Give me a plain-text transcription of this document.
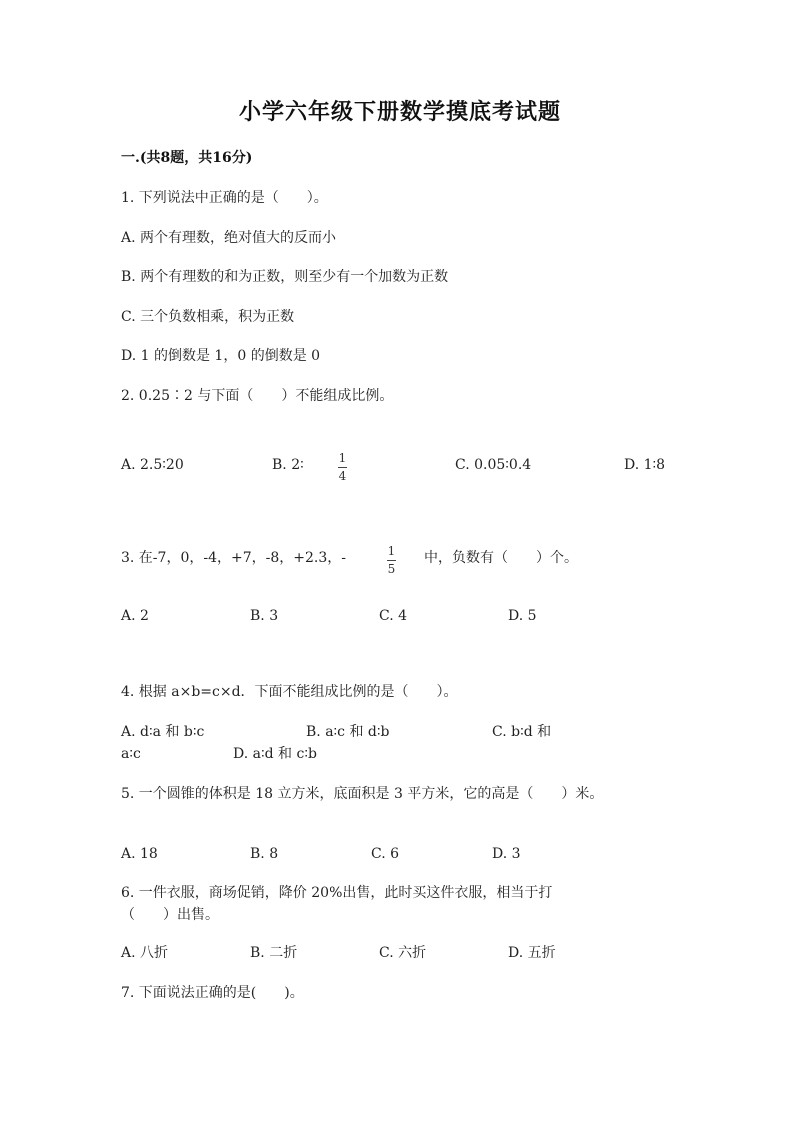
小学六年级下册数学摸底考试题
一.(共8题，共16分)
1. 下列说法中正确的是（　　）。
A. 两个有理数，绝对值大的反而小
B. 两个有理数的和为正数，则至少有一个加数为正数
C. 三个负数相乘，积为正数
D. 1 的倒数是 1，0 的倒数是 0
2. 0.25∶2 与下面（　　）不能组成比例。
A. 2.5∶20	B. 2∶	1
4
C. 0.05∶0.4	D. 1∶8
3. 在-7，0，-4，+7，-8，+2.3，-	1
5
中，负数有（　　）个。
A. 2	B. 3	C. 4	D. 5
4. 根据 a×b=c×d．下面不能组成比例的是（　　）。
A. d∶a 和 b∶c	B. a∶c 和 d∶b	C. b∶d 和
a∶c	D. a∶d 和 c∶b
5. 一个圆锥的体积是 18 立方米，底面积是 3 平方米，它的高是（　　）米。
A. 18	B. 8	C. 6	D. 3
6. 一件衣服，商场促销，降价 20%出售，此时买这件衣服，相当于打
（　　）出售。
A. 八折	B. 二折	C. 六折	D. 五折
7. 下面说法正确的是(　　)。
